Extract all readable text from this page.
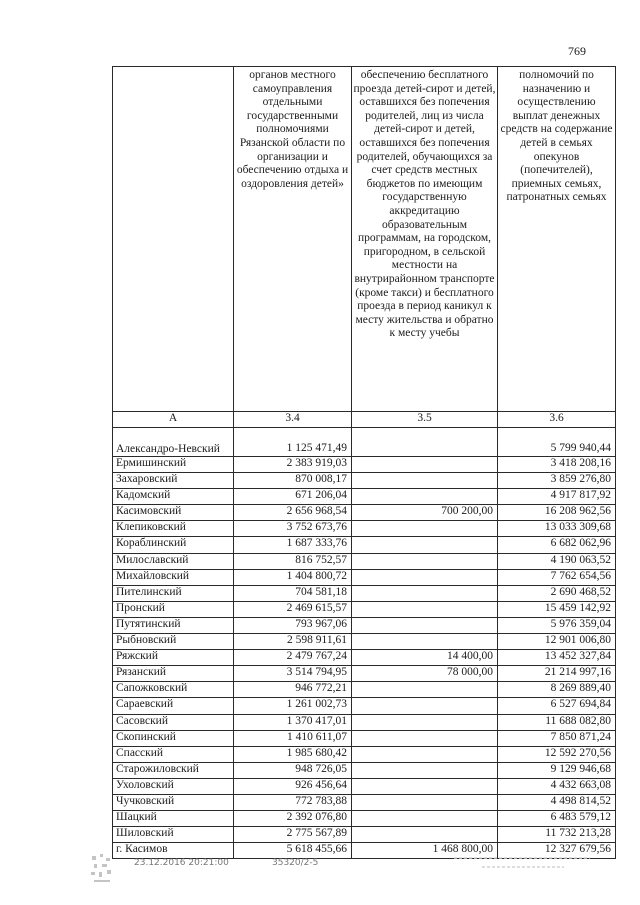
769
	органов местного самоуправления отдельными государственными полномочиями Рязанской области по организации и обеспечению отдыха и оздоровления детей»	обеспечению бесплатного проезда детей-сирот и детей, оставшихся без попечения родителей, лиц из числа детей-сирот и детей, оставшихся без попечения родителей, обучающихся за счет средств местных бюджетов по имеющим государственную аккредитацию образовательным программам, на городском, пригородном, в сельской местности на внутрирайонном транспорте (кроме такси) и бесплатного проезда в период каникул к месту жительства и обратно к месту учебы	полномочий по назначению и осуществлению выплат денежных средств на содержание детей в семьях опекунов (попечителей), приемных семьях, патронатных семьях
А	3.4	3.5	3.6
Александро-Невский	1 125 471,49		5 799 940,44
Ермишинский	2 383 919,03		3 418 208,16
Захаровский	870 008,17		3 859 276,80
Кадомский	671 206,04		4 917 817,92
Касимовский	2 656 968,54	700 200,00	16 208 962,56
Клепиковский	3 752 673,76		13 033 309,68
Кораблинский	1 687 333,76		6 682 062,96
Милославский	816 752,57		4 190 063,52
Михайловский	1 404 800,72		7 762 654,56
Пителинский	704 581,18		2 690 468,52
Пронский	2 469 615,57		15 459 142,92
Путятинский	793 967,06		5 976 359,04
Рыбновский	2 598 911,61		12 901 006,80
Ряжский	2 479 767,24	14 400,00	13 452 327,84
Рязанский	3 514 794,95	78 000,00	21 214 997,16
Сапожковский	946 772,21		8 269 889,40
Сараевский	1 261 002,73		6 527 694,84
Сасовский	1 370 417,01		11 688 082,80
Скопинский	1 410 611,07		7 850 871,24
Спасский	1 985 680,42		12 592 270,56
Старожиловский	948 726,05		9 129 946,68
Ухоловский	926 456,64		4 432 663,08
Чучковский	772 783,88		4 498 814,52
Шацкий	2 392 076,80		6 483 579,12
Шиловский	2 775 567,89		11 732 213,28
г. Касимов	5 618 455,66	1 468 800,00	12 327 679,56
23.12.2016 20:21:00	35320/2-5
